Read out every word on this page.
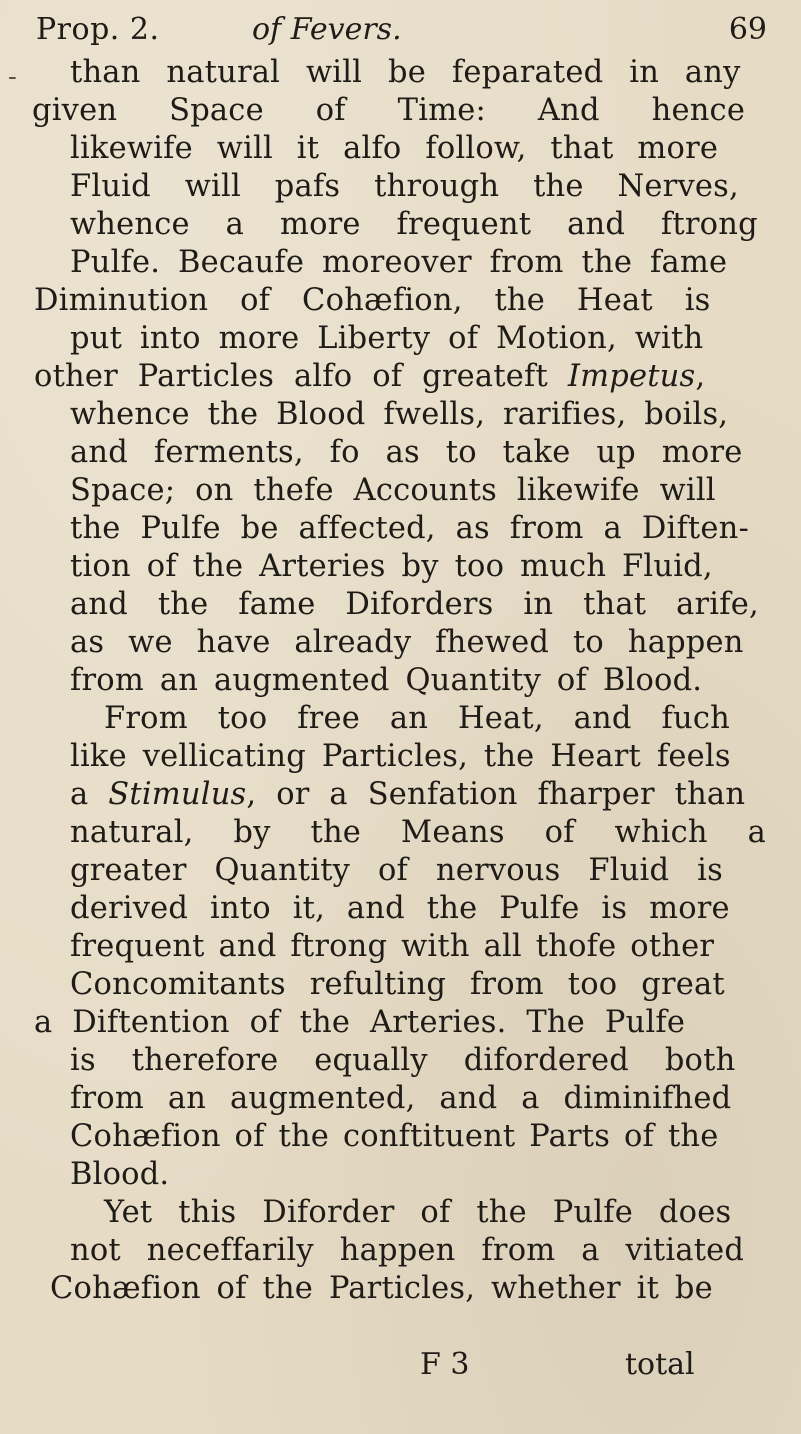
Prop. 2.	of Fevers.	69
- than natural will be feparated in any
given Space of Time: And hence
likewife will it alfo follow, that more
Fluid will pafs through the Nerves,
whence a more frequent and ftrong
Pulfe. Becaufe moreover from the fame
Diminution of Cohæfion, the Heat is
put into more Liberty of Motion, with
other Particles alfo of greateft Impetus,
whence the Blood fwells, rarifies, boils,
and ferments, fo as to take up more
Space; on thefe Accounts likewife will
the Pulfe be affected, as from a Diften-
tion of the Arteries by too much Fluid,
and the fame Diforders in that arife,
as we have already fhewed to happen
from an augmented Quantity of Blood.
From too free an Heat, and fuch
like vellicating Particles, the Heart feels
a Stimulus, or a Senfation fharper than
natural, by the Means of which a
greater Quantity of nervous Fluid is
derived into it, and the Pulfe is more
frequent and ftrong with all thofe other
Concomitants refulting from too great
a Diftention of the Arteries. The Pulfe
is therefore equally difordered both
from an augmented, and a diminifhed
Cohæfion of the conftituent Parts of the
Blood.
Yet this Diforder of the Pulfe does
not neceffarily happen from a vitiated
Cohæfion of the Particles, whether it be
F 3	total
